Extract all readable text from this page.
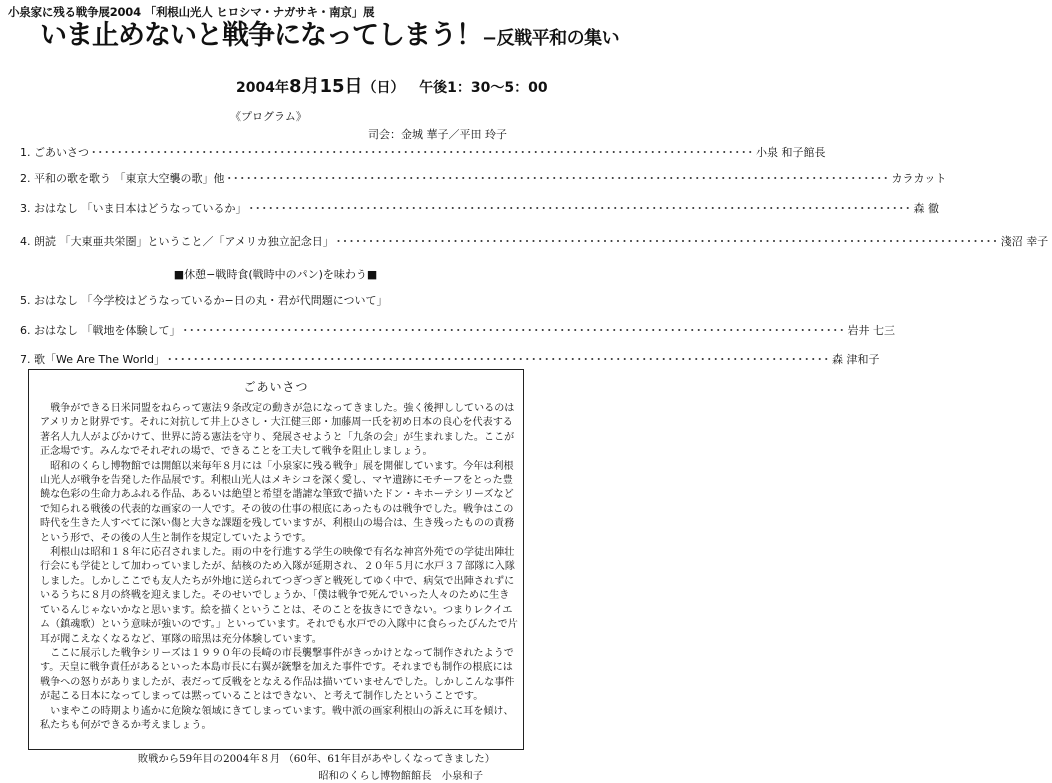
小泉家に残る戦争展2004 「利根山光人 ヒロシマ・ナガサキ・南京」展
いま止めないと戦争になってしまう！−反戦平和の集い
2004年8月15日（日） 午後1：30〜5：00
《プログラム》
司会：金城 華子／平田 玲子
1. ごあいさつ ･･････････････････････････････････････････････････････････････････････････････････････････････････････	小泉 和子館長
2. 平和の歌を歌う 「東京大空襲の歌」他 ･･････････････････････････････････････････････････････････････････････････････････････････････････････	カラカット
3. おはなし 「いま日本はどうなっているか」 ･･････････････････････････････････････････････････････････････････････････････････････････････････････	森 徹
4. 朗読 「大東亜共栄圏」ということ／「アメリカ独立記念日」 ･･････････････････････････････････････････････････････････････････････････････････････････････････････	淺沼 幸子
■休憩−戦時食(戦時中のパン)を味わう■
5. おはなし 「今学校はどうなっているか−日の丸・君が代問題について」
6. おはなし 「戦地を体験して」 ･･････････････････････････････････････････････････････････････････････････････････････････････････････	岩井 七三
7. 歌「We Are The World」 ･･････････････････････････････････････････････････････････････････････････････････････････････････････	森 津和子
ごあいさつ

　戦争ができる日米同盟をねらって憲法９条改定の動きが急になってきました。強く後押ししているのはアメリカと財界です。それに対抗して井上ひさし・大江健三郎・加藤周一氏を初め日本の良心を代表する著名人九人がよびかけて、世界に誇る憲法を守り、発展させようと「九条の会」が生まれました。ここが正念場です。みんなでそれぞれの場で、できることを工夫して戦争を阻止しましょう。

　昭和のくらし博物館では開館以来毎年８月には「小泉家に残る戦争」展を開催しています。今年は利根山光人が戦争を告発した作品展です。利根山光人はメキシコを深く愛し、マヤ遺跡にモチーフをとった豊饒な色彩の生命力あふれる作品、あるいは絶望と希望を諧謔な筆致で描いたドン・キホーテシリーズなどで知られる戦後の代表的な画家の一人です。その彼の仕事の根底にあったものは戦争でした。戦争はこの時代を生きた人すべてに深い傷と大きな課題を残していますが、利根山の場合は、生き残ったものの責務という形で、その後の人生と制作を規定していたようです。

　利根山は昭和１８年に応召されました。雨の中を行進する学生の映像で有名な神宮外苑での学徒出陣壮行会にも学徒として加わっていましたが、結核のため入隊が延期され、２０年５月に水戸３７部隊に入隊しました。しかしここでも友人たちが外地に送られてつぎつぎと戦死してゆく中で、病気で出陣されずにいるうちに８月の終戦を迎えました。そのせいでしょうか、「僕は戦争で死んでいった人々のために生きているんじゃないかなと思います。絵を描くということは、そのことを抜きにできない。つまりレクイエム（鎮魂歌）という意味が強いのです。」といっています。それでも水戸での入隊中に食らったびんたで片耳が聞こえなくなるなど、軍隊の暗黒は充分体験しています。

　ここに展示した戦争シリーズは１９９０年の長崎の市長襲撃事件がきっかけとなって制作されたようです。天皇に戦争責任があるといった本島市長に右翼が銃撃を加えた事件です。それまでも制作の根底には戦争への怒りがありましたが、表だって反戦をとなえる作品は描いていませんでした。しかしこんな事件が起こる日本になってしまっては黙っていることはできない、と考えて制作したということです。

　いまやこの時期より遙かに危険な領域にきてしまっています。戦中派の画家利根山の訴えに耳を傾け、私たちも何ができるか考えましょう。

敗戦から59年目の2004年８月 （60年、61年目があやしくなってきました）
昭和のくらし博物館館長　小泉和子
